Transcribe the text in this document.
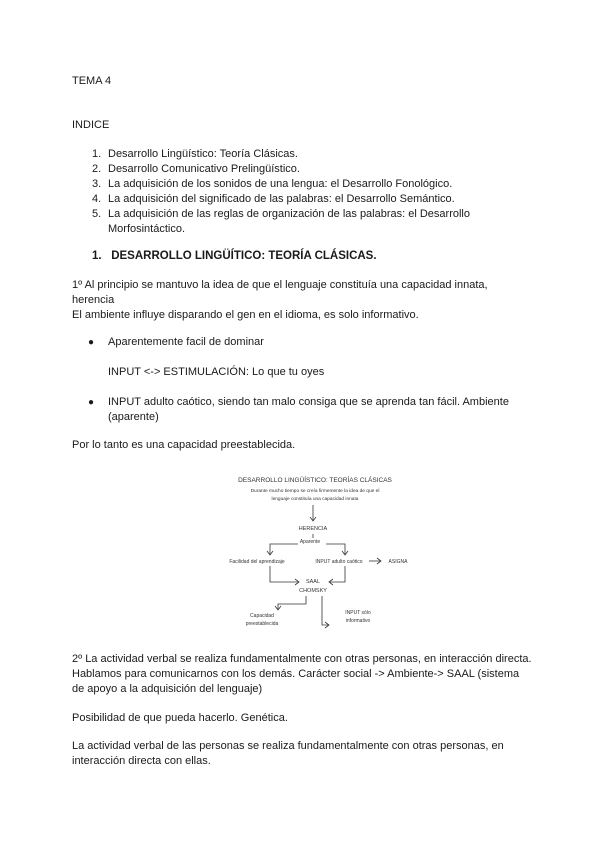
TEMA 4
INDICE
1. Desarrollo Lingüístico: Teoría Clásicas.
2. Desarrollo Comunicativo Prelingüístico.
3. La adquisición de los sonidos de una lengua: el Desarrollo Fonológico.
4. La adquisición del significado de las palabras: el Desarrollo Semántico.
5. La adquisición de las reglas de organización de las palabras: el Desarrollo Morfosintáctico.
1. DESARROLLO LINGÜÍTICO: TEORÍA CLÁSICAS.
1º Al principio se mantuvo la idea de que el lenguaje constituía una capacidad innata, herencia
El ambiente influye disparando el gen en el idioma, es solo informativo.
● Aparentemente facil de dominar
INPUT <-> ESTIMULACIÓN: Lo que tu oyes
● INPUT adulto caótico, siendo tan malo consiga que se aprenda tan fácil. Ambiente (aparente)
Por lo tanto es una capacidad preestablecida.
DESARROLLO LINGÜÍSTICO: TEORÍAS CLÁSICAS
Durante mucho tiempo se creía firmemente la idea de que el
lenguaje constituía una capacidad innata
HERENCIA
Aparente
Facilidad del aprendizaje	INPUT adulto caótico	ASIGNA
SAAL
CHOMSKY
Capacidad
preestablecida
INPUT sólo
informativo
2º La actividad verbal se realiza fundamentalmente con otras personas, en interacción directa. Hablamos para comunicarnos con los demás. Carácter social -> Ambiente-> SAAL (sistema de apoyo a la adquisición del lenguaje)
Posibilidad de que pueda hacerlo. Genética.
La actividad verbal de las personas se realiza fundamentalmente con otras personas, en interacción directa con ellas.
